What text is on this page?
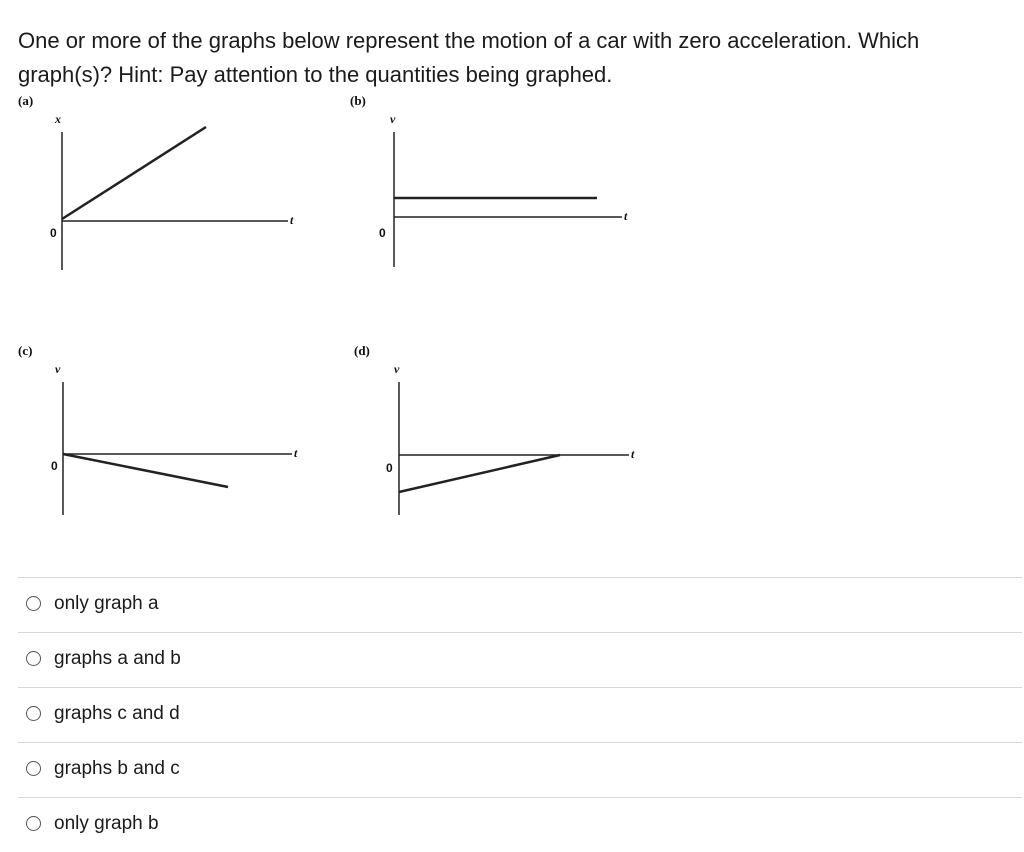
One or more of the graphs below represent the motion of a car with zero acceleration. Which graph(s)? Hint: Pay attention to the quantities being graphed.
(a)
x
t
0
(b)
v
t
0
(c)
v
t
0
(d)
v
t
0
only graph a
graphs a and b
graphs c and d
graphs b and c
only graph b
